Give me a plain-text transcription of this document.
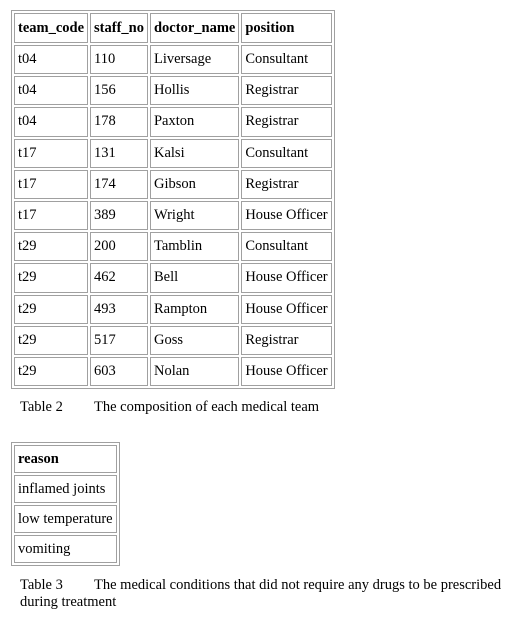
team_code	staff_no	doctor_name	position
t04	110	Liversage	Consultant
t04	156	Hollis	Registrar
t04	178	Paxton	Registrar
t17	131	Kalsi	Consultant
t17	174	Gibson	Registrar
t17	389	Wright	House Officer
t29	200	Tamblin	Consultant
t29	462	Bell	House Officer
t29	493	Rampton	House Officer
t29	517	Goss	Registrar
t29	603	Nolan	House Officer
Table 2 The composition of each medical team
reason
inflamed joints
low temperature
vomiting
Table 3 The medical conditions that did not require any drugs to be prescribed
during treatment
